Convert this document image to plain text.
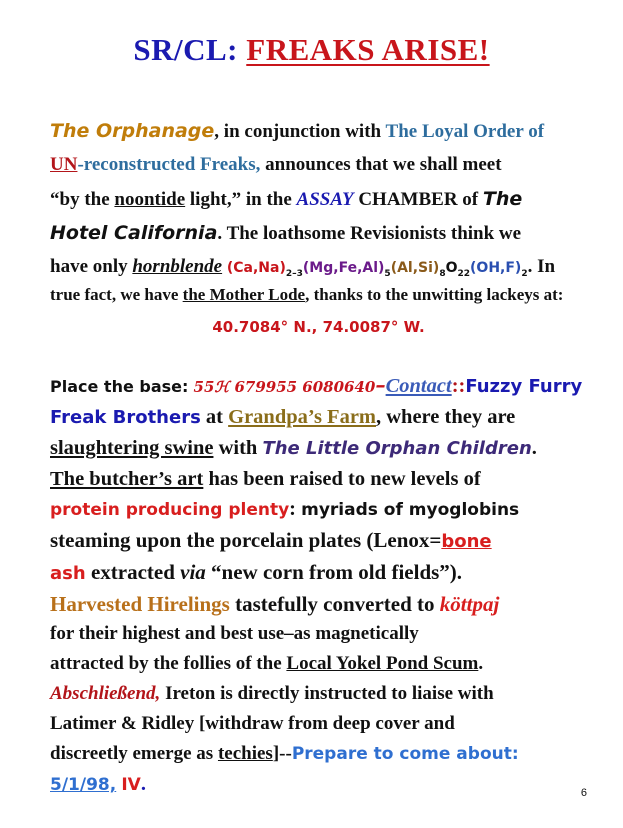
SR/CL: FREAKS ARISE!
The Orphanage, in conjunction with The Loyal Order of
UN-reconstructed Freaks, announces that we shall meet
“by the noontide light,” in the ASSAY CHAMBER of The
Hotel California. The loathsome Revisionists think we
have only hornblende $(Ca,Na)_{2-3}(Mg,Fe,Al)_5(Al,Si)_8O_{22}(OH,F)_2$. In
true fact, we have the Mother Lode, thanks to the unwitting lackeys at:
40.7084° N., 74.0087° W.
Place the base: 55ℋ 679955 6080640–Contact::Fuzzy Furry
Freak Brothers at Grandpa’s Farm, where they are
slaughtering swine with The Little Orphan Children.
The butcher’s art has been raised to new levels of
protein producing plenty: myriads of myoglobins
steaming upon the porcelain plates (Lenox=bone
ash extracted via “new corn from old fields”).
Harvested Hirelings tastefully converted to köttpaj
for their highest and best use–as magnetically
attracted by the follies of the Local Yokel Pond Scum.
Abschließend, Ireton is directly instructed to liaise with
Latimer & Ridley [withdraw from deep cover and
discreetly emerge as techies]--Prepare to come about:
5/1/98, IV.	6
